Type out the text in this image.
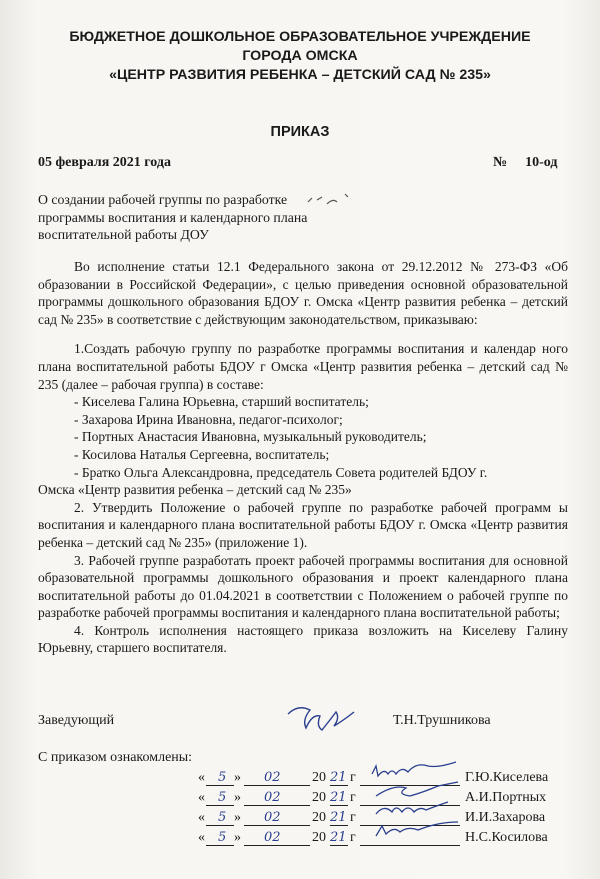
БЮДЖЕТНОЕ ДОШКОЛЬНОЕ ОБРАЗОВАТЕЛЬНОЕ УЧРЕЖДЕНИЕ
ГОРОДА ОМСКА
«ЦЕНТР РАЗВИТИЯ РЕБЕНКА – ДЕТСКИЙ САД № 235»
ПРИКАЗ
05 февраля 2021 года	№ 10-од
О создании рабочей группы по разработке
программы воспитания и календарного плана
воспитательной работы ДОУ

Во исполнение статьи 12.1 Федерального закона от 29.12.2012 № 273-ФЗ «Об образовании в Российской Федерации», с целью приведения основной образовательной программы дошкольного образования БДОУ г. Омска «Центр развития ребенка – детский сад № 235» в соответствие с действующим законодательством, приказываю:

1.Создать рабочую группу по разработке программы воспитания и календар ного плана воспитательной работы БДОУ г Омска «Центр развития ребенка – детский сад № 235 (далее – рабочая группа) в составе:

- Киселева Галина Юрьевна, старший воспитатель;

- Захарова Ирина Ивановна, педагог-психолог;

- Портных Анастасия Ивановна, музыкальный руководитель;

- Косилова Наталья Сергеевна, воспитатель;

- Братко Ольга Александровна, председатель Совета родителей БДОУ г.

Омска «Центр развития ребенка – детский сад № 235»

2. Утвердить Положение о рабочей группе по разработке рабочей программ ы воспитания и календарного плана воспитательной работы БДОУ г. Омска «Центр развития ребенка – детский сад № 235» (приложение 1).

3. Рабочей группе разработать проект рабочей программы воспитания для основной образовательной программы дошкольного образования и проект календарного плана воспитательной работы до 01.04.2021 в соответствии с Положением о рабочей группе по разработке рабочей программы воспитания и календарного плана воспитательной работы;

4. Контроль исполнения настоящего приказа возложить на Киселеву Галину Юрьевну, старшего воспитателя.

Заведующий	Т.Н.Трушникова
С приказом ознакомлены:
«	5 »	02	20 21 г	Г.Ю.Киселева
«	5 »	02	20 21 г	А.И.Портных
«	5 »	02	20 21 г	И.И.Захарова
«	5 »	02	20 21 г	Н.С.Косилова
